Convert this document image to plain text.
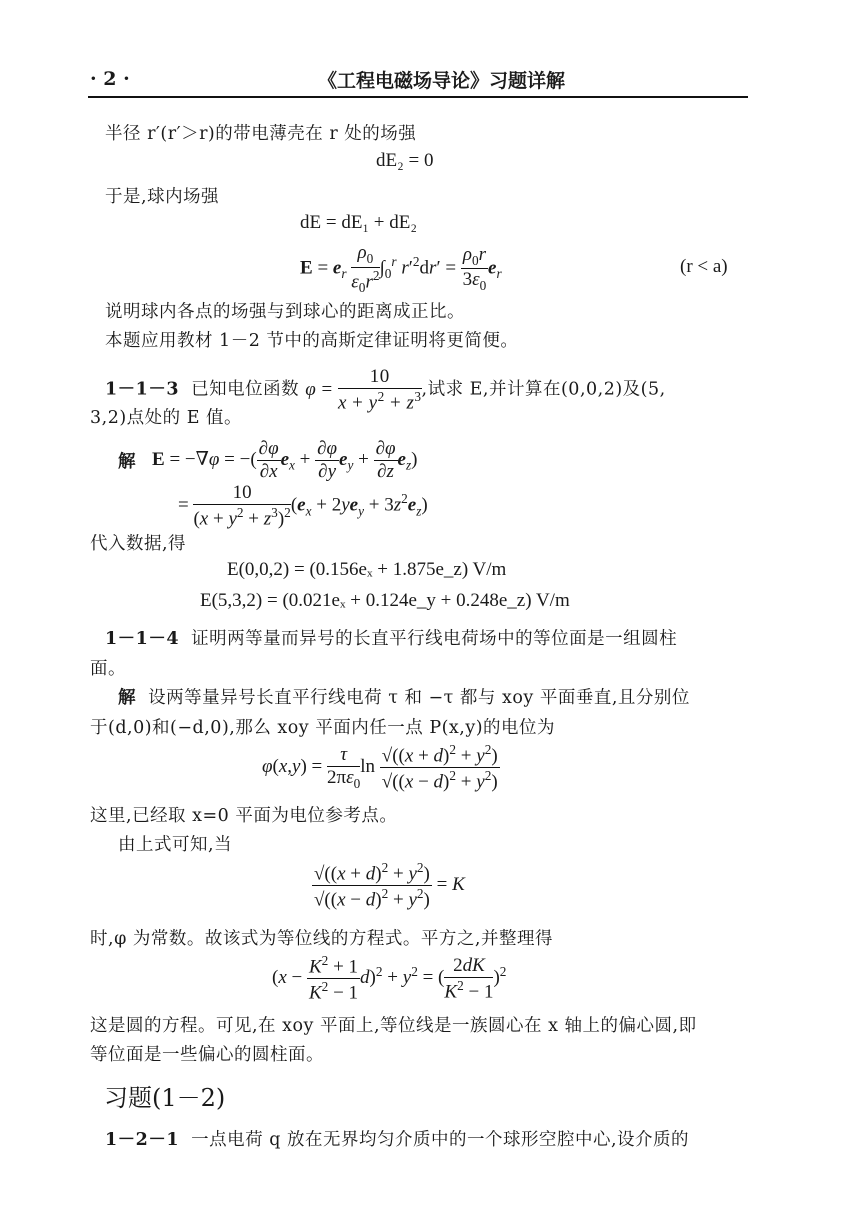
· 2 ·	《工程电磁场导论》习题详解
半径 r′(r′＞r)的带电薄壳在 r 处的场强
dE₂ = 0
于是,球内场强
dE = dE₁ + dE₂
$E = e_r \frac{\rho_0}{\varepsilon_0r^2} \int_0^r$ $r'^2dr' = \frac{\rho_0r}{3\varepsilon_0} e_r$	(r < a)
说明球内各点的场强与到球心的距离成正比。
本题应用教材 1－2 节中的高斯定律证明将更简便。
1－1－3 已知电位函数 $\varphi = \frac{10}{x + y^2 + z^3}$ ,试求 E,并计算在(0,0,2)及(5,
3,2)点处的 E 值。
解 E = −∇φ = −( $\frac{\partial\varphi}{\partial x} e_x + \frac{\partial\varphi}{\partial y} e_y + \frac{\partial\varphi}{\partial z} e_z$)
= $\frac{10}{(x + y^2 + z^3)^2} (e_x + 2ye_y + 3z^2e_z)$
代入数据,得
E(0,0,2) = (0.156eₓ + 1.875e_z) V/m
E(5,3,2) = (0.021eₓ + 0.124e_y + 0.248e_z) V/m
1－1－4 证明两等量而异号的长直平行线电荷场中的等位面是一组圆柱
面。
解 设两等量异号长直平行线电荷 τ 和 −τ 都与 xoy 平面垂直,且分别位
于(d,0)和(−d,0),那么 xoy 平面内任一点 P(x,y)的电位为
$\varphi(x,y) = \frac{\tau}{2\pi\varepsilon_0}$ $\ln \frac{√((x + d)^2 + y^2)}{√((x - d)^2 + y^2)}$
这里,已经取 x=0 平面为电位参考点。
由上式可知,当
$\frac{√((x + d)^2 + y^2)}{√((x - d)^2 + y^2)} = K$
时,φ 为常数。故该式为等位线的方程式。平方之,并整理得
$(x - \frac{K^2 + 1}{K^2 - 1} d)^2 + y^2$ = ( $\frac{2dK}{K^2 - 1} )^2$
这是圆的方程。可见,在 xoy 平面上,等位线是一族圆心在 x 轴上的偏心圆,即
等位面是一些偏心的圆柱面。
习题(1－2)
1－2－1 一点电荷 q 放在无界均匀介质中的一个球形空腔中心,设介质的
